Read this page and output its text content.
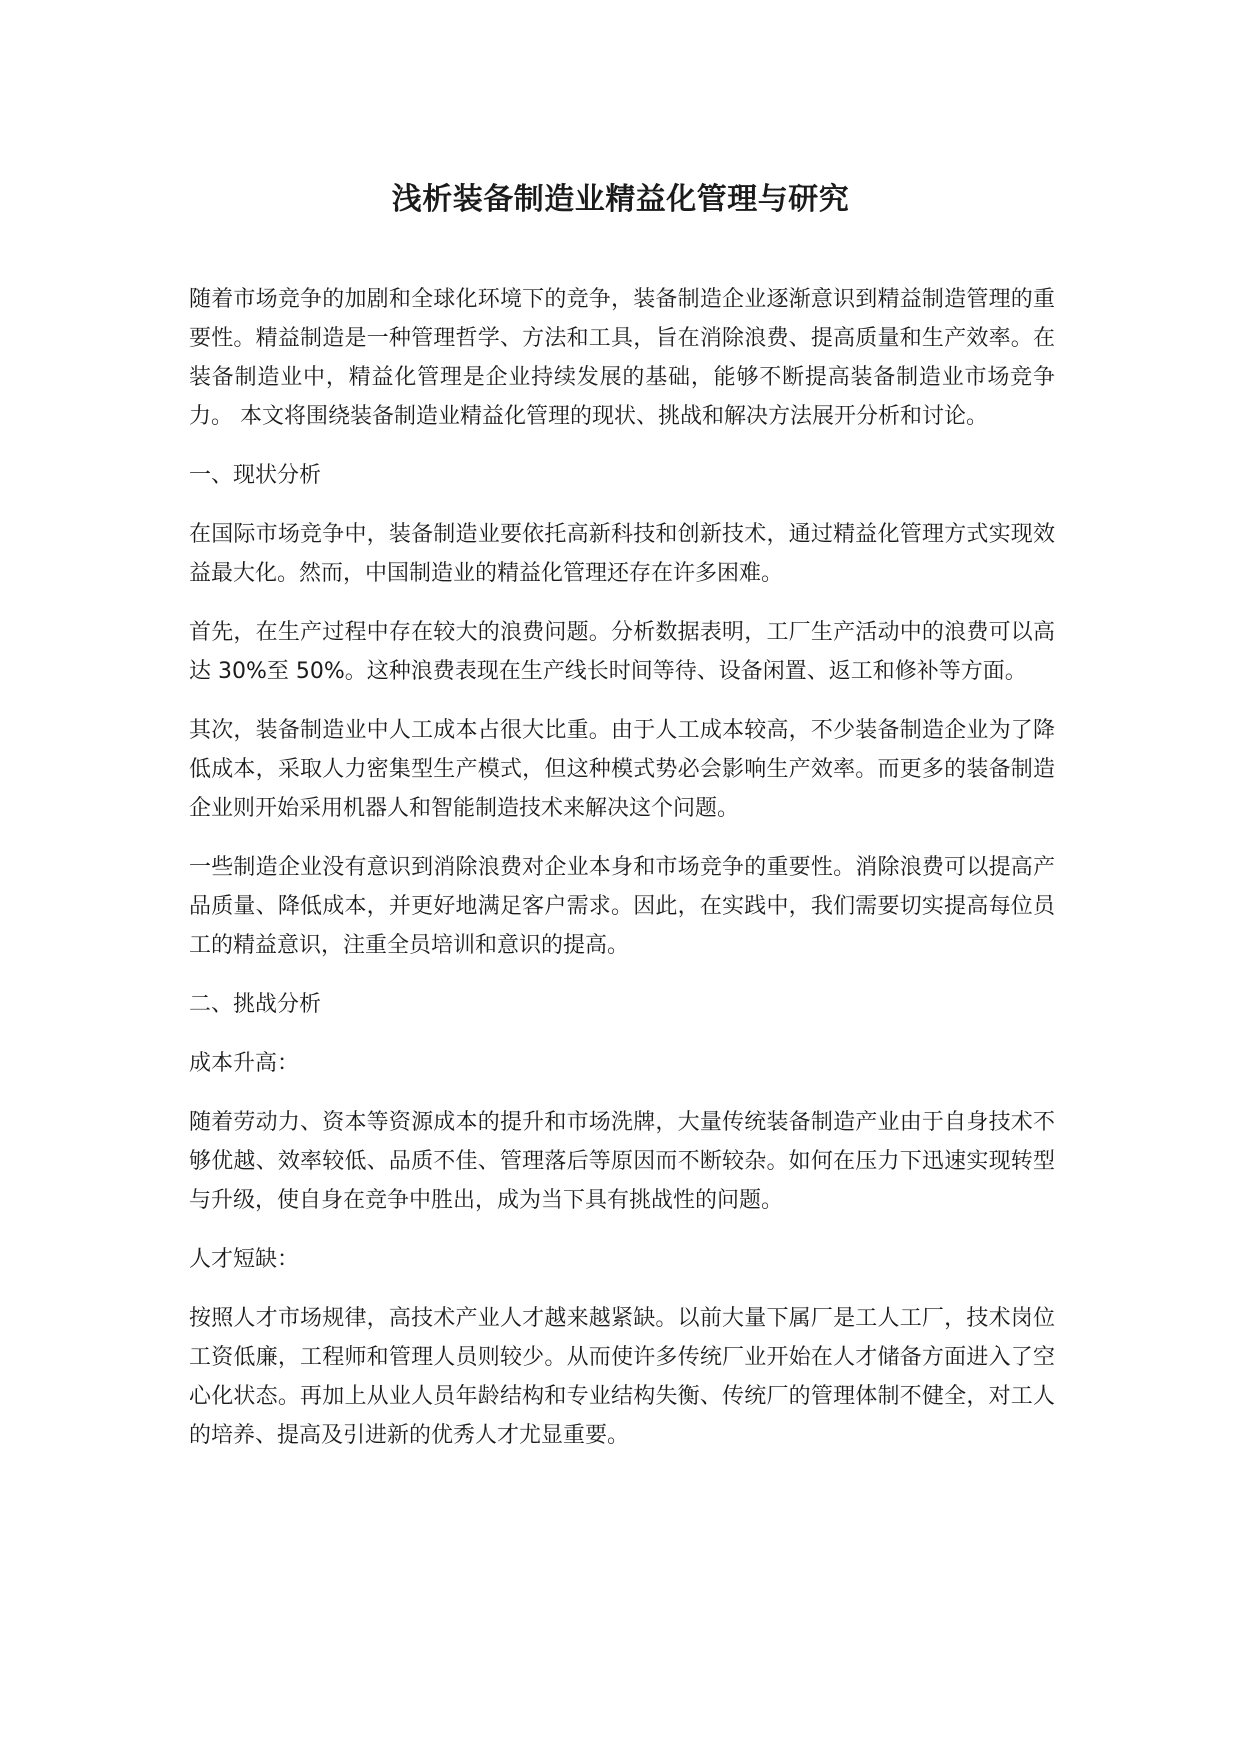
浅析装备制造业精益化管理与研究

随着市场竞争的加剧和全球化环境下的竞争，装备制造企业逐渐意识到精益制造管理的重要性。精益制造是一种管理哲学、方法和工具，旨在消除浪费、提高质量和生产效率。在装备制造业中，精益化管理是企业持续发展的基础，能够不断提高装备制造业市场竞争力。 本文将围绕装备制造业精益化管理的现状、挑战和解决方法展开分析和讨论。

一、现状分析

在国际市场竞争中，装备制造业要依托高新科技和创新技术，通过精益化管理方式实现效益最大化。然而，中国制造业的精益化管理还存在许多困难。

首先，在生产过程中存在较大的浪费问题。分析数据表明，工厂生产活动中的浪费可以高达 30%至 50%。这种浪费表现在生产线长时间等待、设备闲置、返工和修补等方面。

其次，装备制造业中人工成本占很大比重。由于人工成本较高，不少装备制造企业为了降低成本，采取人力密集型生产模式，但这种模式势必会影响生产效率。而更多的装备制造企业则开始采用机器人和智能制造技术来解决这个问题。

一些制造企业没有意识到消除浪费对企业本身和市场竞争的重要性。消除浪费可以提高产品质量、降低成本，并更好地满足客户需求。因此，在实践中，我们需要切实提高每位员工的精益意识，注重全员培训和意识的提高。

二、挑战分析

成本升高：

随着劳动力、资本等资源成本的提升和市场洗牌，大量传统装备制造产业由于自身技术不够优越、效率较低、品质不佳、管理落后等原因而不断较杂。如何在压力下迅速实现转型与升级，使自身在竞争中胜出，成为当下具有挑战性的问题。

人才短缺：

按照人才市场规律，高技术产业人才越来越紧缺。以前大量下属厂是工人工厂，技术岗位工资低廉，工程师和管理人员则较少。从而使许多传统厂业开始在人才储备方面进入了空心化状态。再加上从业人员年龄结构和专业结构失衡、传统厂的管理体制不健全，对工人的培养、提高及引进新的优秀人才尤显重要。
